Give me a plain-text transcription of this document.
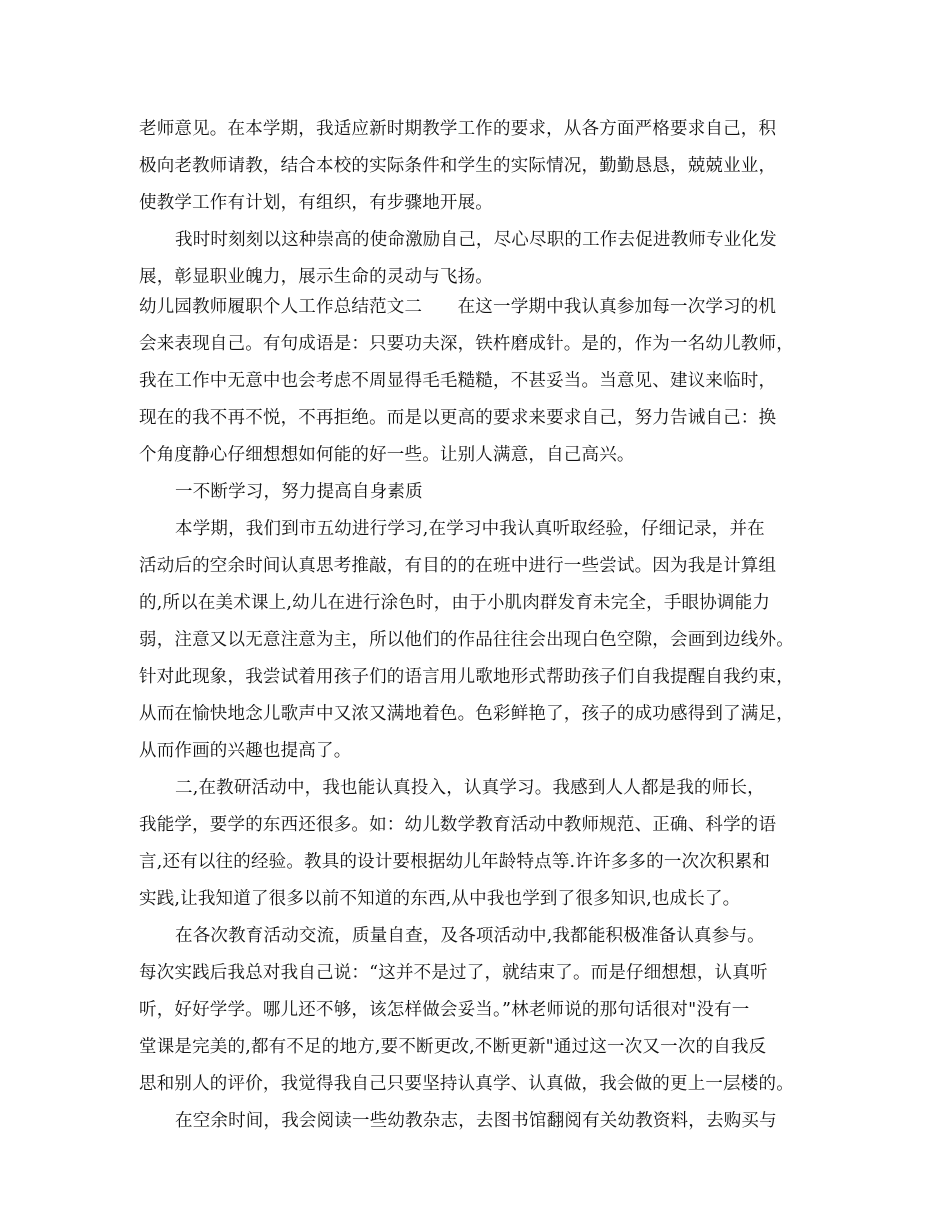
老师意见。在本学期，我适应新时期教学工作的要求，从各方面严格要求自己，积
极向老教师请教，结合本校的实际条件和学生的实际情况，勤勤恳恳，兢兢业业，
使教学工作有计划，有组织，有步骤地开展。
我时时刻刻以这种崇高的使命激励自己，尽心尽职的工作去促进教师专业化发
展，彰显职业魄力，展示生命的灵动与飞扬。
幼儿园教师履职个人工作总结范文二　　在这一学期中我认真参加每一次学习的机
会来表现自己。有句成语是：只要功夫深，铁杵磨成针。是的，作为一名幼儿教师，
我在工作中无意中也会考虑不周显得毛毛糙糙，不甚妥当。当意见、建议来临时，
现在的我不再不悦，不再拒绝。而是以更高的要求来要求自己，努力告诫自己：换
个角度静心仔细想想如何能的好一些。让别人满意，自己高兴。
一不断学习，努力提高自身素质
本学期，我们到市五幼进行学习,在学习中我认真听取经验，仔细记录，并在
活动后的空余时间认真思考推敲，有目的的在班中进行一些尝试。因为我是计算组
的,所以在美术课上,幼儿在进行涂色时，由于小肌肉群发育未完全，手眼协调能力
弱，注意又以无意注意为主，所以他们的作品往往会出现白色空隙，会画到边线外。
针对此现象，我尝试着用孩子们的语言用儿歌地形式帮助孩子们自我提醒自我约束，
从而在愉快地念儿歌声中又浓又满地着色。色彩鲜艳了，孩子的成功感得到了满足，
从而作画的兴趣也提高了。
二,在教研活动中，我也能认真投入，认真学习。我感到人人都是我的师长，
我能学，要学的东西还很多。如：幼儿数学教育活动中教师规范、正确、科学的语
言,还有以往的经验。教具的设计要根据幼儿年龄特点等.许许多多的一次次积累和
实践,让我知道了很多以前不知道的东西,从中我也学到了很多知识,也成长了。
在各次教育活动交流，质量自查，及各项活动中,我都能积极准备认真参与。
每次实践后我总对我自己说：“这并不是过了，就结束了。而是仔细想想，认真听
听，好好学学。哪儿还不够，该怎样做会妥当。”林老师说的那句话很对"没有一
堂课是完美的,都有不足的地方,要不断更改,不断更新"通过这一次又一次的自我反
思和别人的评价，我觉得我自己只要坚持认真学、认真做，我会做的更上一层楼的。
在空余时间，我会阅读一些幼教杂志，去图书馆翻阅有关幼教资料，去购买与
